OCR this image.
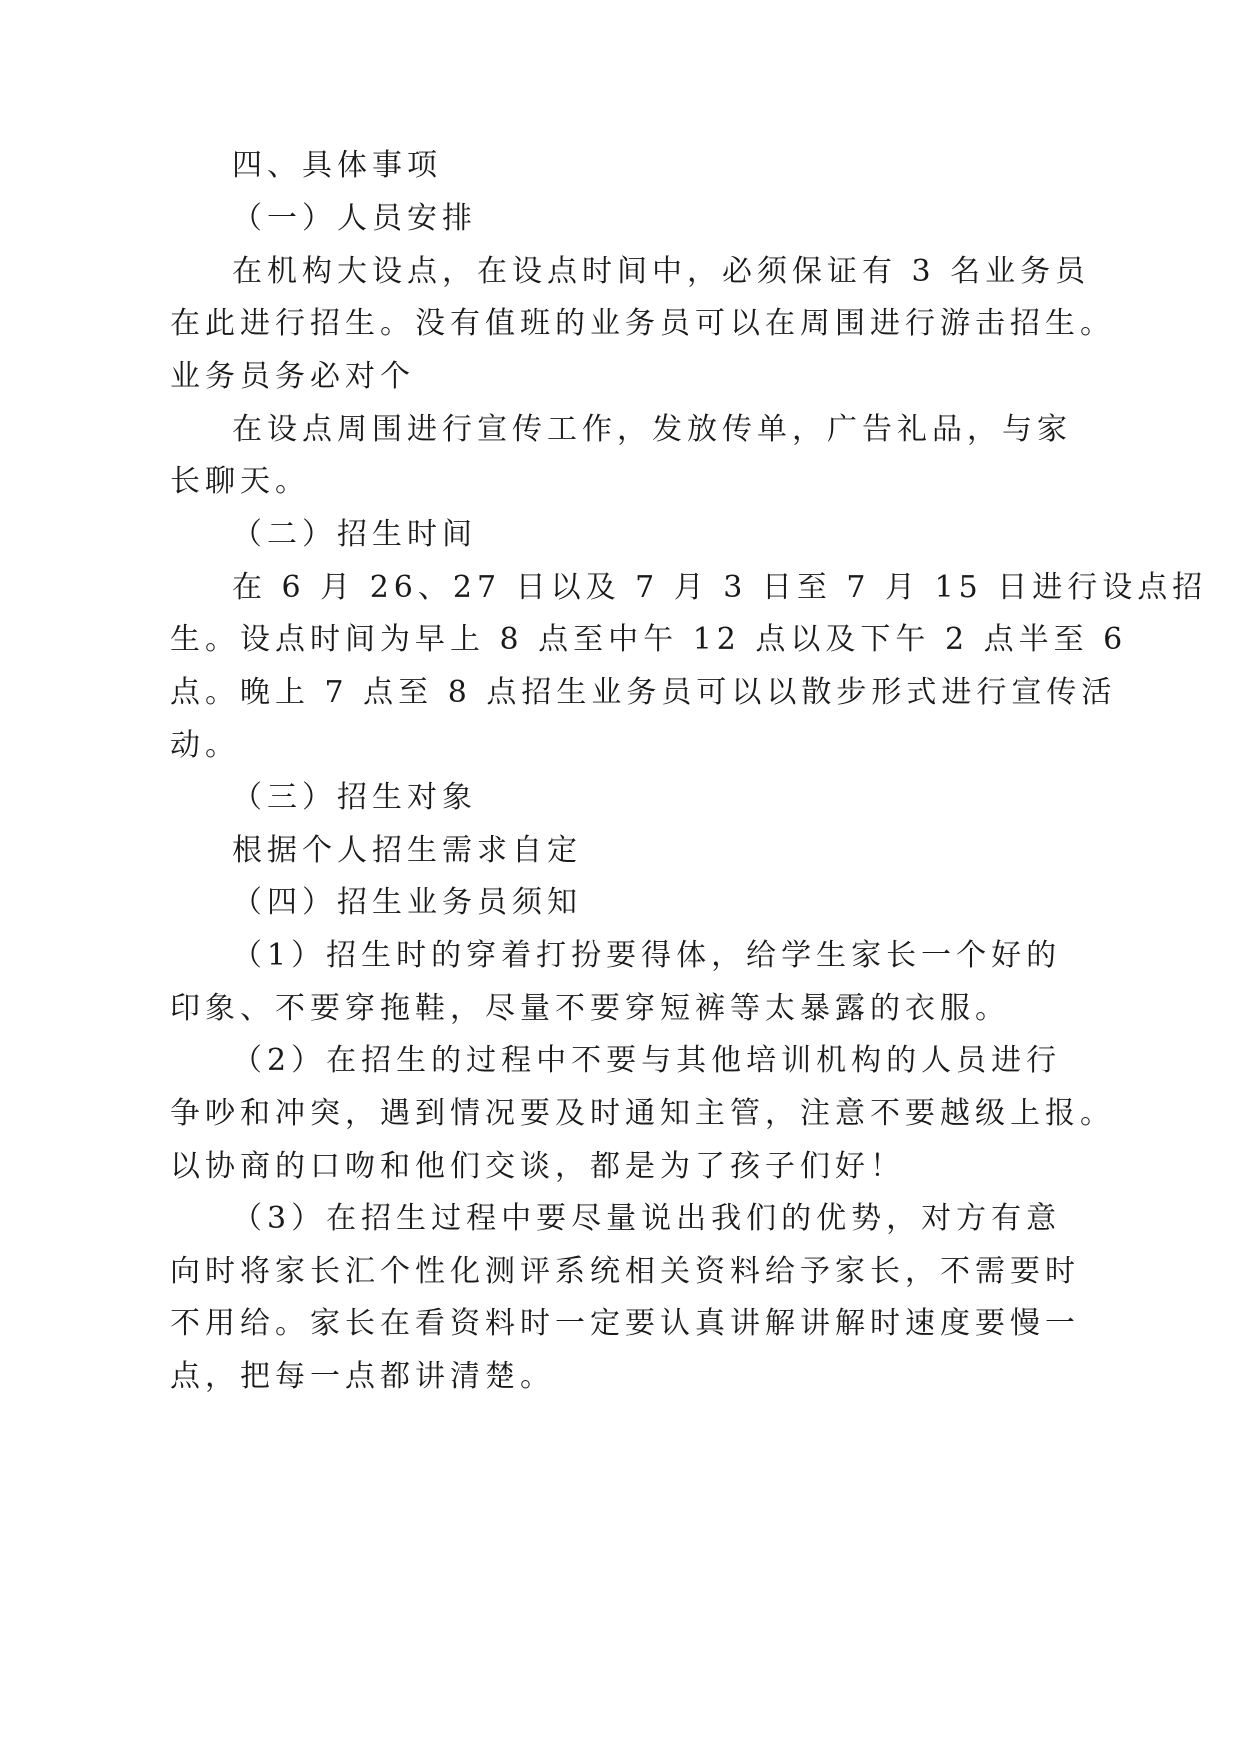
四、具体事项
（一）人员安排
在机构大设点，在设点时间中，必须保证有 3 名业务员
在此进行招生。没有值班的业务员可以在周围进行游击招生。
业务员务必对个
在设点周围进行宣传工作，发放传单，广告礼品，与家
长聊天。
（二）招生时间
在 6 月 26、27 日以及 7 月 3 日至 7 月 15 日进行设点招
生。设点时间为早上 8 点至中午 12 点以及下午 2 点半至 6
点。晚上 7 点至 8 点招生业务员可以以散步形式进行宣传活
动。
（三）招生对象
根据个人招生需求自定
（四）招生业务员须知
（1）招生时的穿着打扮要得体，给学生家长一个好的
印象、不要穿拖鞋，尽量不要穿短裤等太暴露的衣服。
（2）在招生的过程中不要与其他培训机构的人员进行
争吵和冲突，遇到情况要及时通知主管，注意不要越级上报。
以协商的口吻和他们交谈，都是为了孩子们好！
（3）在招生过程中要尽量说出我们的优势，对方有意
向时将家长汇个性化测评系统相关资料给予家长，不需要时
不用给。家长在看资料时一定要认真讲解讲解时速度要慢一
点，把每一点都讲清楚。
